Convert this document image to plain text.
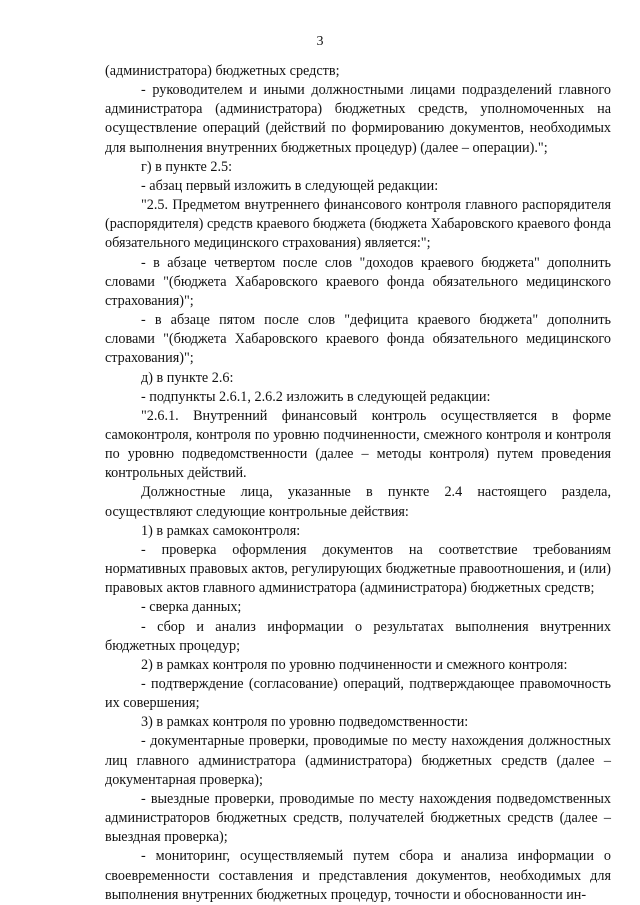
3

(администратора) бюджетных средств;

- руководителем и иными должностными лицами подразделений главного администратора (администратора) бюджетных средств, уполномоченных на осуществление операций (действий по формированию документов, необходимых для выполнения внутренних бюджетных процедур) (далее – операции).";

г) в пункте 2.5:

- абзац первый изложить в следующей редакции:

"2.5. Предметом внутреннего финансового контроля главного распорядителя (распорядителя) средств краевого бюджета (бюджета Хабаровского краевого фонда обязательного медицинского страхования) является:";

- в абзаце четвертом после слов "доходов краевого бюджета" дополнить словами "(бюджета Хабаровского краевого фонда обязательного медицинского страхования)";

- в абзаце пятом после слов "дефицита краевого бюджета" дополнить словами "(бюджета Хабаровского краевого фонда обязательного медицинского страхования)";

д) в пункте 2.6:

- подпункты 2.6.1, 2.6.2 изложить в следующей редакции:

"2.6.1. Внутренний финансовый контроль осуществляется в форме самоконтроля, контроля по уровню подчиненности, смежного контроля и контроля по уровню подведомственности (далее – методы контроля) путем проведения контрольных действий.

Должностные лица, указанные в пункте 2.4 настоящего раздела, осуществляют следующие контрольные действия:

1) в рамках самоконтроля:

- проверка оформления документов на соответствие требованиям нормативных правовых актов, регулирующих бюджетные правоотношения, и (или) правовых актов главного администратора (администратора) бюджетных средств;

- сверка данных;

- сбор и анализ информации о результатах выполнения внутренних бюджетных процедур;

2) в рамках контроля по уровню подчиненности и смежного контроля:

- подтверждение (согласование) операций, подтверждающее правомочность их совершения;

3) в рамках контроля по уровню подведомственности:

- документарные проверки, проводимые по месту нахождения должностных лиц главного администратора (администратора) бюджетных средств (далее – документарная проверка);

- выездные проверки, проводимые по месту нахождения подведомственных администраторов бюджетных средств, получателей бюджетных средств (далее – выездная проверка);

- мониторинг, осуществляемый путем сбора и анализа информации о своевременности составления и представления документов, необходимых для выполнения внутренних бюджетных процедур, точности и обоснованности ин-
